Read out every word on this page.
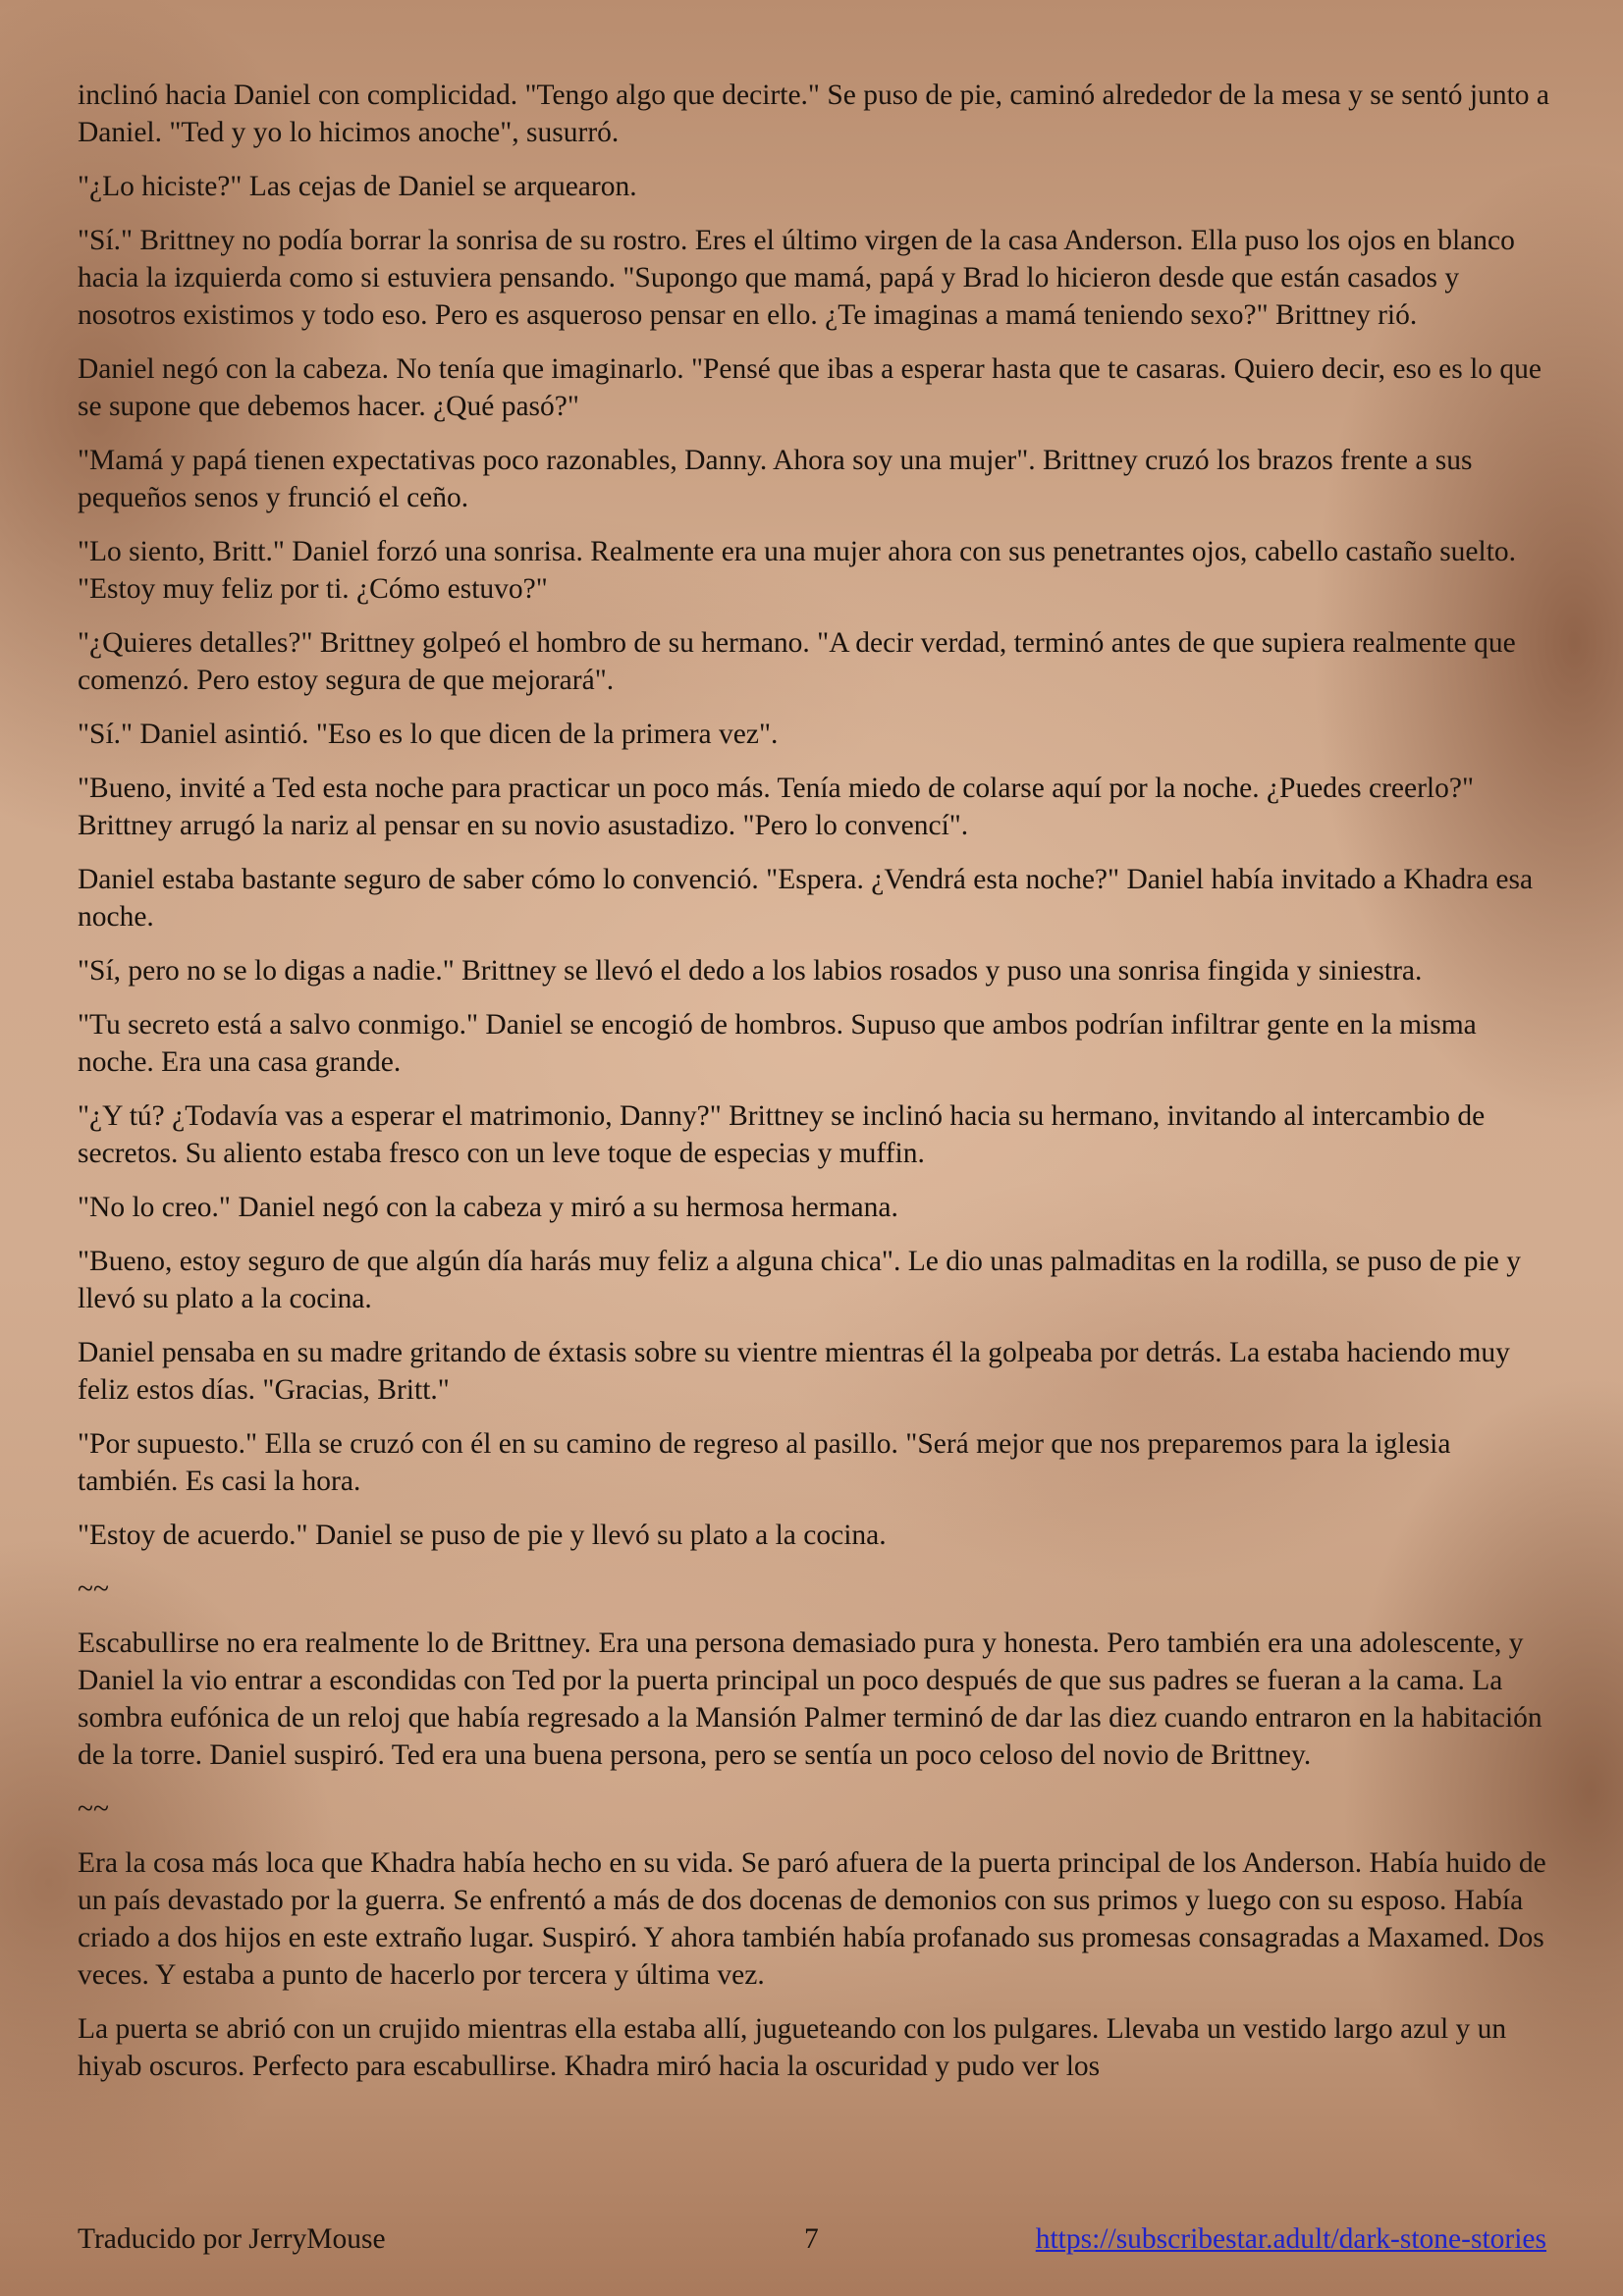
inclinó hacia Daniel con complicidad. "Tengo algo que decirte." Se puso de pie, caminó alrededor de la mesa y se sentó junto a Daniel. "Ted y yo lo hicimos anoche", susurró.

"¿Lo hiciste?" Las cejas de Daniel se arquearon.

"Sí." Brittney no podía borrar la sonrisa de su rostro. Eres el último virgen de la casa Anderson. Ella puso los ojos en blanco hacia la izquierda como si estuviera pensando. "Supongo que mamá, papá y Brad lo hicieron desde que están casados y nosotros existimos y todo eso. Pero es asqueroso pensar en ello. ¿Te imaginas a mamá teniendo sexo?" Brittney rió.

Daniel negó con la cabeza. No tenía que imaginarlo. "Pensé que ibas a esperar hasta que te casaras. Quiero decir, eso es lo que se supone que debemos hacer. ¿Qué pasó?"

"Mamá y papá tienen expectativas poco razonables, Danny. Ahora soy una mujer". Brittney cruzó los brazos frente a sus pequeños senos y frunció el ceño.

"Lo siento, Britt." Daniel forzó una sonrisa. Realmente era una mujer ahora con sus penetrantes ojos, cabello castaño suelto. "Estoy muy feliz por ti. ¿Cómo estuvo?"

"¿Quieres detalles?" Brittney golpeó el hombro de su hermano. "A decir verdad, terminó antes de que supiera realmente que comenzó. Pero estoy segura de que mejorará".

"Sí." Daniel asintió. "Eso es lo que dicen de la primera vez".

"Bueno, invité a Ted esta noche para practicar un poco más. Tenía miedo de colarse aquí por la noche. ¿Puedes creerlo?" Brittney arrugó la nariz al pensar en su novio asustadizo. "Pero lo convencí".

Daniel estaba bastante seguro de saber cómo lo convenció. "Espera. ¿Vendrá esta noche?" Daniel había invitado a Khadra esa noche.

"Sí, pero no se lo digas a nadie." Brittney se llevó el dedo a los labios rosados y puso una sonrisa fingida y siniestra.

"Tu secreto está a salvo conmigo." Daniel se encogió de hombros. Supuso que ambos podrían infiltrar gente en la misma noche. Era una casa grande.

"¿Y tú? ¿Todavía vas a esperar el matrimonio, Danny?" Brittney se inclinó hacia su hermano, invitando al intercambio de secretos. Su aliento estaba fresco con un leve toque de especias y muffin.

"No lo creo." Daniel negó con la cabeza y miró a su hermosa hermana.

"Bueno, estoy seguro de que algún día harás muy feliz a alguna chica". Le dio unas palmaditas en la rodilla, se puso de pie y llevó su plato a la cocina.

Daniel pensaba en su madre gritando de éxtasis sobre su vientre mientras él la golpeaba por detrás. La estaba haciendo muy feliz estos días. "Gracias, Britt."

"Por supuesto." Ella se cruzó con él en su camino de regreso al pasillo. "Será mejor que nos preparemos para la iglesia también. Es casi la hora.

"Estoy de acuerdo." Daniel se puso de pie y llevó su plato a la cocina.

~~

Escabullirse no era realmente lo de Brittney. Era una persona demasiado pura y honesta. Pero también era una adolescente, y Daniel la vio entrar a escondidas con Ted por la puerta principal un poco después de que sus padres se fueran a la cama. La sombra eufónica de un reloj que había regresado a la Mansión Palmer terminó de dar las diez cuando entraron en la habitación de la torre. Daniel suspiró. Ted era una buena persona, pero se sentía un poco celoso del novio de Brittney.

~~

Era la cosa más loca que Khadra había hecho en su vida. Se paró afuera de la puerta principal de los Anderson. Había huido de un país devastado por la guerra. Se enfrentó a más de dos docenas de demonios con sus primos y luego con su esposo. Había criado a dos hijos en este extraño lugar. Suspiró. Y ahora también había profanado sus promesas consagradas a Maxamed. Dos veces. Y estaba a punto de hacerlo por tercera y última vez.

La puerta se abrió con un crujido mientras ella estaba allí, jugueteando con los pulgares. Llevaba un vestido largo azul y un hiyab oscuros. Perfecto para escabullirse. Khadra miró hacia la oscuridad y pudo ver los

Traducido por JerryMouse	7	https://subscribestar.adult/dark-stone-stories
